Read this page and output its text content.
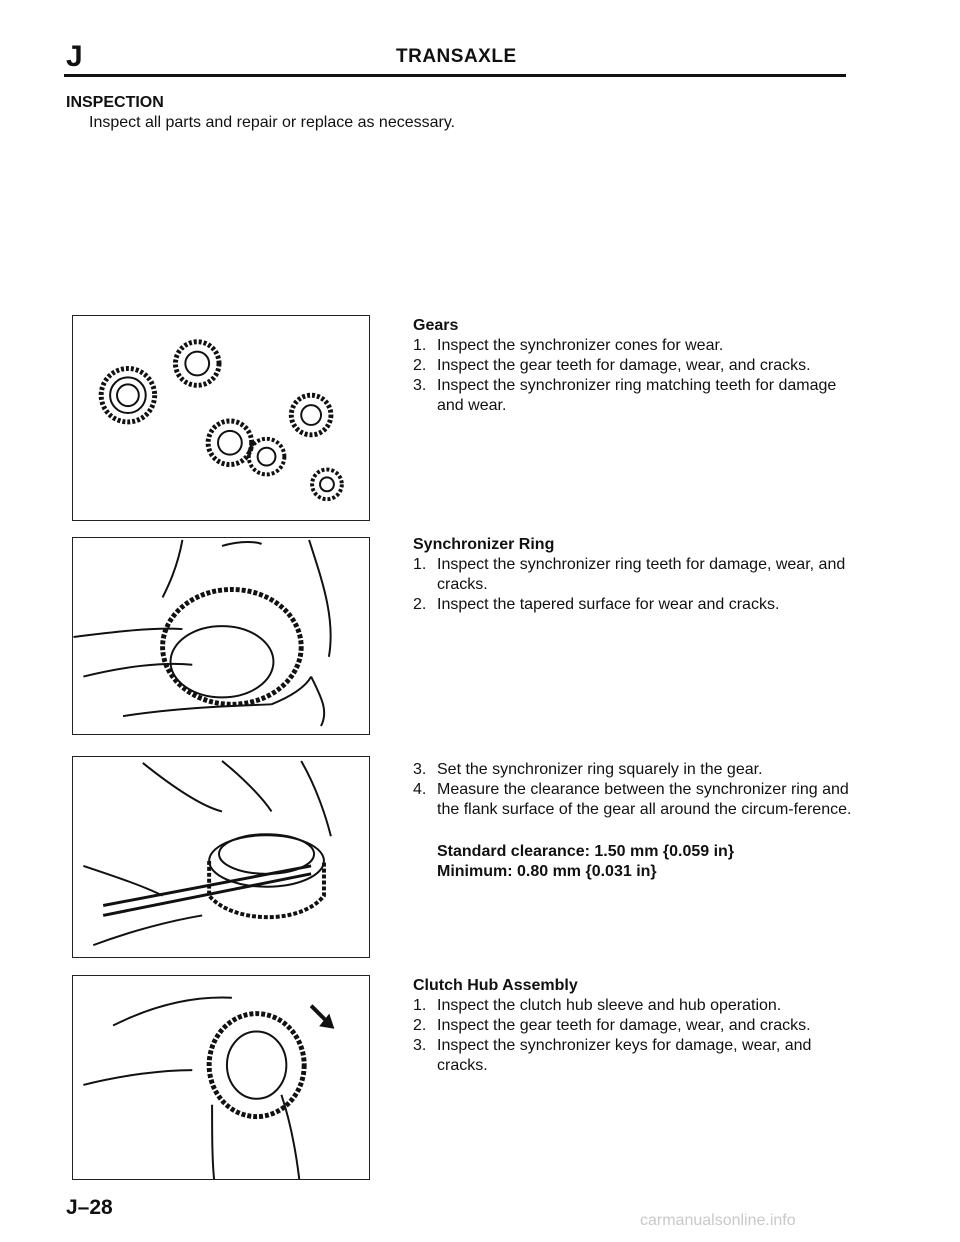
J	TRANSAXLE
INSPECTION
Inspect all parts and repair or replace as necessary.
Gears
1. Inspect the synchronizer cones for wear.
2. Inspect the gear teeth for damage, wear, and cracks.
3. Inspect the synchronizer ring matching teeth for damage and wear.
Synchronizer Ring
1. Inspect the synchronizer ring teeth for damage, wear, and cracks.
2. Inspect the tapered surface for wear and cracks.
3. Set the synchronizer ring squarely in the gear.
4. Measure the clearance between the synchronizer ring and the flank surface of the gear all around the circum-ference.
Standard clearance: 1.50 mm {0.059 in}
Minimum: 0.80 mm {0.031 in}
Clutch Hub Assembly
1. Inspect the clutch hub sleeve and hub operation.
2. Inspect the gear teeth for damage, wear, and cracks.
3. Inspect the synchronizer keys for damage, wear, and cracks.
J–28
carmanualsonline.info
